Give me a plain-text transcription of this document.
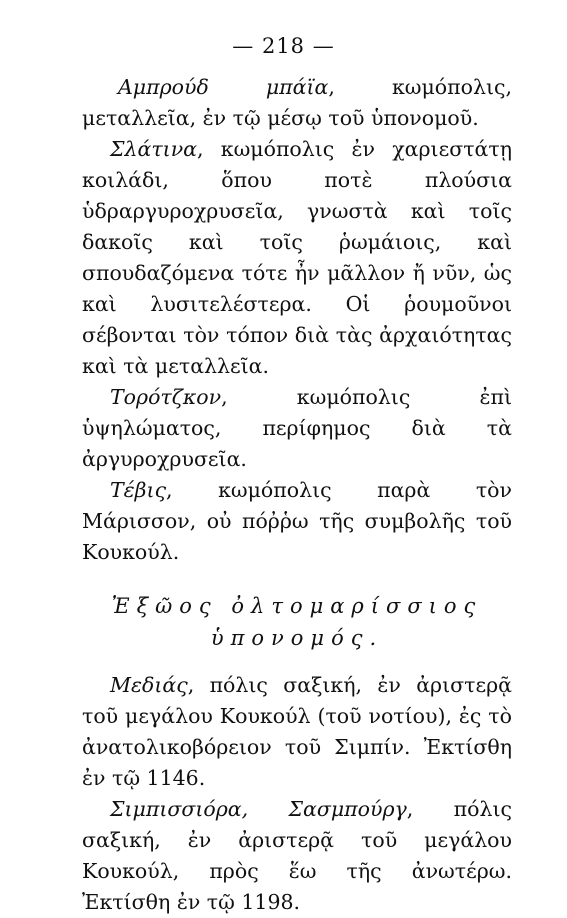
— 218 —

Αμπρούδ μπάϊα, κωμόπολις, μεταλλεῖα, ἐν τῷ μέσῳ τοῦ ὑπονομοῦ.

Σλάτινα, κωμόπολις ἐν χαριεστάτῃ κοιλάδι, ὅπου ποτὲ πλούσια ὑδραργυροχρυσεῖα, γνωστὰ καὶ τοῖς δακοῖς καὶ τοῖς ῥωμάιοις, καὶ σπουδαζόμενα τότε ἦν μᾶλλον ἤ νῦν, ὡς καὶ λυσιτελέστερα. Οἱ ῥουμοῦνοι σέβονται τὸν τόπον διὰ τὰς ἀρχαιότητας καὶ τὰ μεταλλεῖα.

Τορότζκον, κωμόπολις ἐπὶ ὑψηλώματος, περίφημος διὰ τὰ ἀργυροχρυσεῖα.

Τέβις, κωμόπολις παρὰ τὸν Μάρισσον, οὐ πόῤῥω τῆς συμβολῆς τοῦ Κουκούλ.

Ἐξῶος ὀλτομαρίσσιος ὑπονομός.

Μεδιάς, πόλις σαξική, ἐν ἀριστερᾷ τοῦ μεγάλου Κουκούλ (τοῦ νοτίου), ἐς τὸ ἀνατολικοβόρειον τοῦ Σιμπίν. Ἐκτίσθη ἐν τῷ 1146.

Σιμπισσιόρα, Σασμπούργ, πόλις σαξική, ἐν ἀριστερᾷ τοῦ μεγάλου Κουκούλ, πρὸς ἕω τῆς ἀνωτέρω. Ἐκτίσθη ἐν τῷ 1198.
